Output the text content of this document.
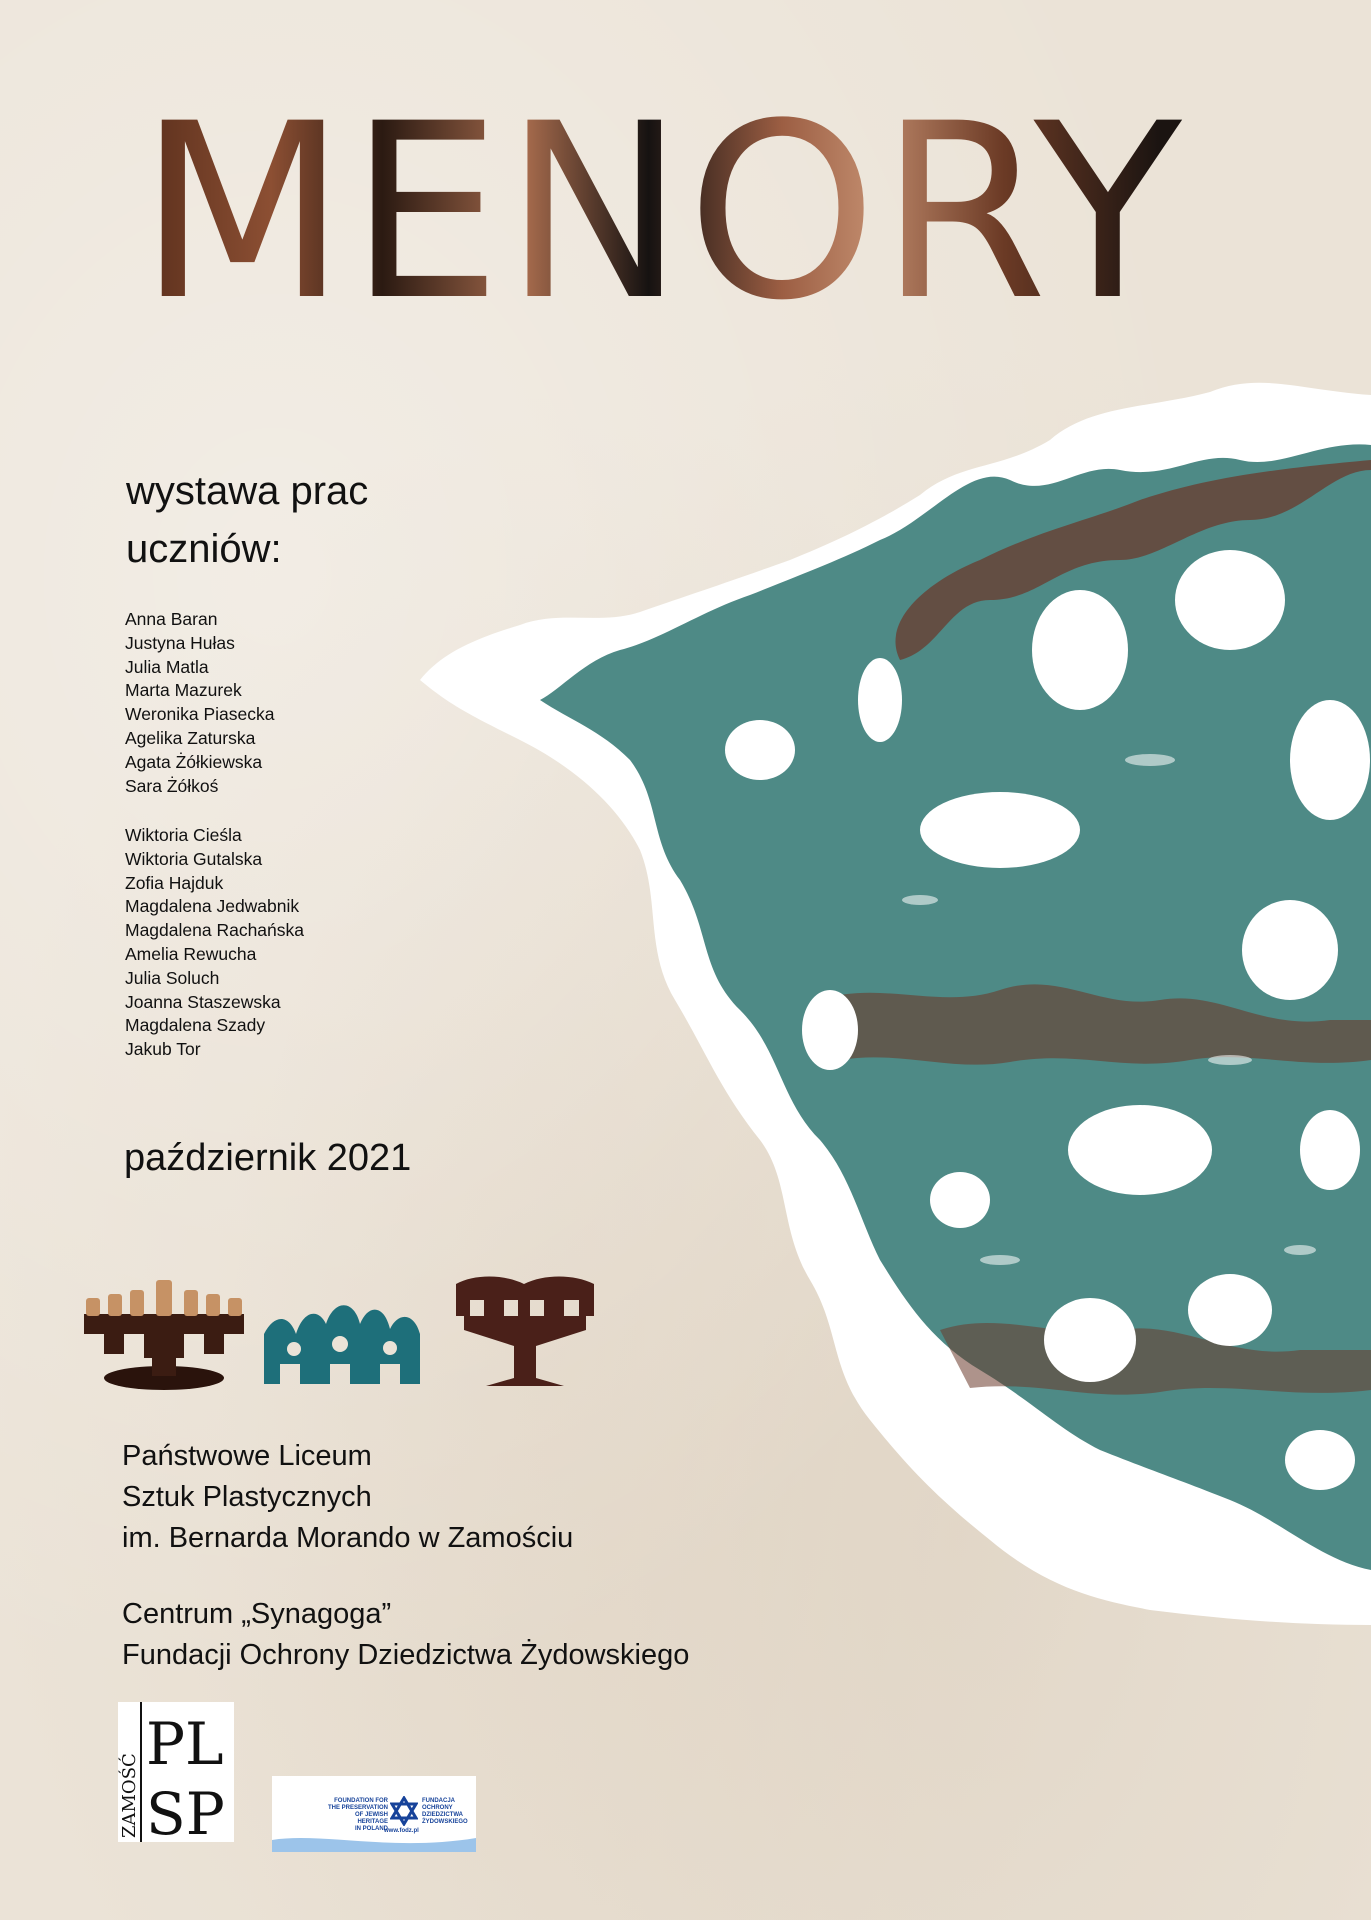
MENORY
wystawa prac
uczniów:
Anna Baran
Justyna Hułas
Julia Matla
Marta Mazurek
Weronika Piasecka
Agelika Zaturska
Agata Żółkiewska
Sara Żółkoś
Wiktoria Cieśla
Wiktoria Gutalska
Zofia Hajduk
Magdalena Jedwabnik
Magdalena Rachańska
Amelia Rewucha
Julia Soluch
Joanna Staszewska
Magdalena Szady
Jakub Tor
październik 2021
Państwowe Liceum
Sztuk Plastycznych
im. Bernarda Morando w Zamościu
Centrum „Synagoga”
Fundacji Ochrony Dziedzictwa Żydowskiego
ZAMOŚĆ
PL
SP	FOUNDATION FOR
THE PRESERVATION
OF JEWISH HERITAGE
IN POLAND
FUNDACJA
OCHRONY
DZIEDZICTWA
ŻYDOWSKIEGO
www.fodz.pl
